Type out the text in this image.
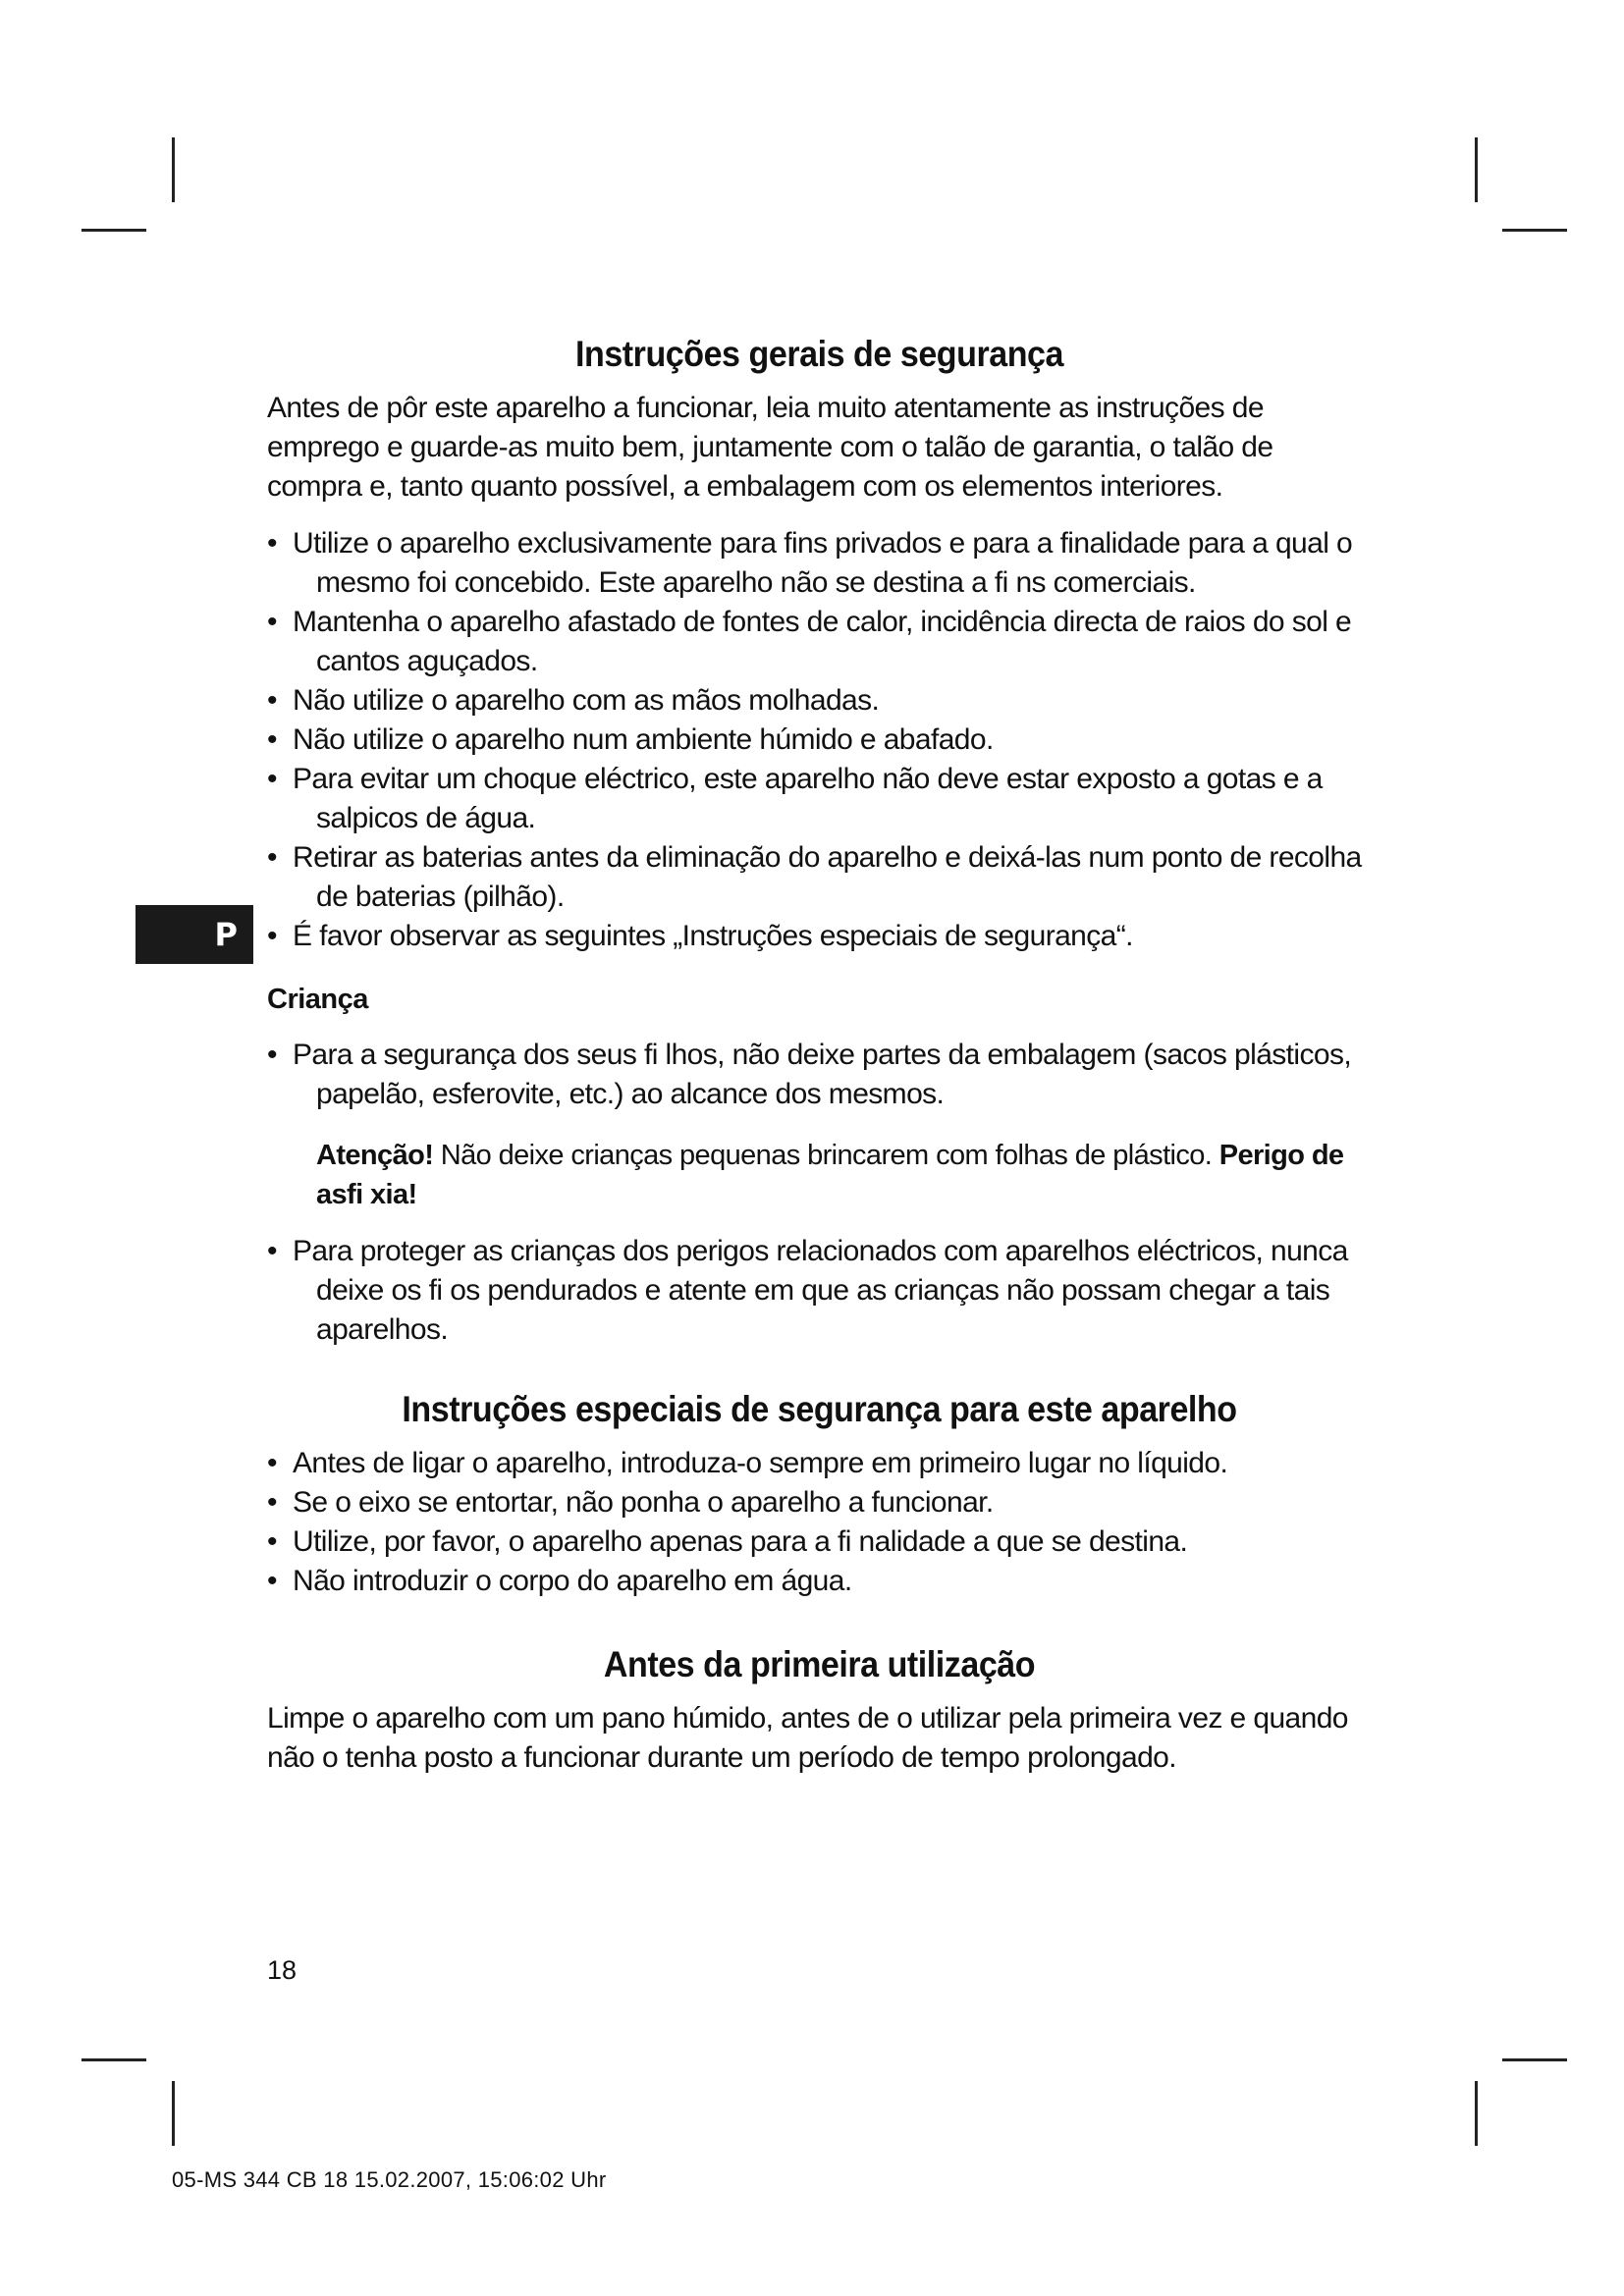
P
Instruções gerais de segurança

Antes de pôr este aparelho a funcionar, leia muito atentamente as instruções de emprego e guarde-as muito bem, juntamente com o talão de garantia, o talão de compra e, tanto quanto possível, a embalagem com os elementos interiores.

• Utilize o aparelho exclusivamente para fins privados e para a finalidade para a qual o mesmo foi concebido. Este aparelho não se destina a fi ns comerciais.
• Mantenha o aparelho afastado de fontes de calor, incidência directa de raios do sol e cantos aguçados.
• Não utilize o aparelho com as mãos molhadas.
• Não utilize o aparelho num ambiente húmido e abafado.
• Para evitar um choque eléctrico, este aparelho não deve estar exposto a gotas e a salpicos de água.
• Retirar as baterias antes da eliminação do aparelho e deixá-las num ponto de recolha de baterias (pilhão).
• É favor observar as seguintes „Instruções especiais de segurança“.
Criança
• Para a segurança dos seus fi lhos, não deixe partes da embalagem (sacos plásticos, papelão, esferovite, etc.) ao alcance dos mesmos.
Atenção! Não deixe crianças pequenas brincarem com folhas de plástico. Perigo de asfi xia!
• Para proteger as crianças dos perigos relacionados com aparelhos eléctricos, nunca deixe os fi os pendurados e atente em que as crianças não possam chegar a tais aparelhos.
Instruções especiais de segurança para este aparelho
• Antes de ligar o aparelho, introduza-o sempre em primeiro lugar no líquido.
• Se o eixo se entortar, não ponha o aparelho a funcionar.
• Utilize, por favor, o aparelho apenas para a fi nalidade a que se destina.
• Não introduzir o corpo do aparelho em água.
Antes da primeira utilização

Limpe o aparelho com um pano húmido, antes de o utilizar pela primeira vez e quando não o tenha posto a funcionar durante um período de tempo prolongado.

18
05-MS 344 CB 18 15.02.2007, 15:06:02 Uhr
